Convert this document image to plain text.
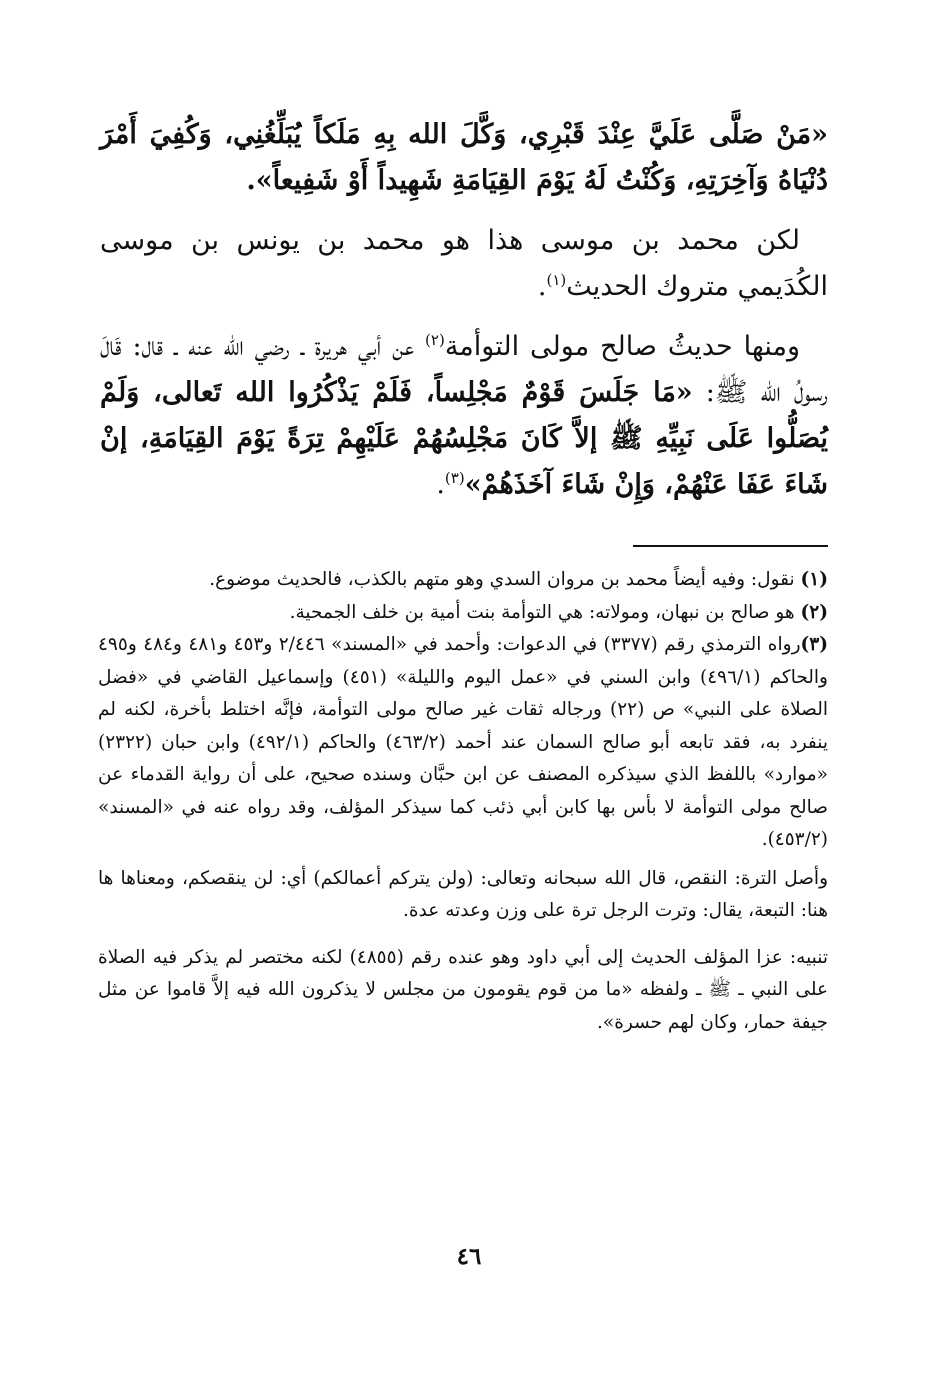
«مَنْ صَلَّى عَلَيَّ عِنْدَ قَبْرِي، وَكَّلَ الله بِهِ مَلَكاً يُبَلِّغُنِي، وَكُفِيَ أَمْرَ دُنْيَاهُ وَآخِرَتِهِ، وَكُنْتُ لَهُ يَوْمَ القِيَامَةِ شَهِيداً أَوْ شَفِيعاً».

لكن محمد بن موسى هذا هو محمد بن يونس بن موسى الكُدَيمي متروك الحديث$^{(١)}$.

ومنها حديثُ صالح مولى التوأمة$^{(٢)}$ عن أبي هريرة ـ رضي الله عنه ـ قال: قَالَ رسولُ الله ﷺ: «مَا جَلَسَ قَوْمٌ مَجْلِساً، فَلَمْ يَذْكُرُوا الله تَعالى، وَلَمْ يُصَلُّوا عَلَى نَبِيِّهِ ﷺ إلاَّ كَانَ مَجْلِسُهُمْ عَلَيْهِمْ تِرَةً يَوْمَ القِيَامَةِ، إنْ شَاءَ عَفَا عَنْهُمْ، وَإِنْ شَاءَ آخَذَهُمْ»$^{(٣)}$.

(١) نقول: وفيه أيضاً محمد بن مروان السدي وهو متهم بالكذب، فالحديث موضوع.

(٢) هو صالح بن نبهان، ومولاته: هي التوأمة بنت أمية بن خلف الجمحية.

(٣)رواه الترمذي رقم (٣٣٧٧) في الدعوات: وأحمد في «المسند» ٢/٤٤٦ و٤٥٣ و٤٨١ و٤٨٤ و٤٩٥ والحاكم (٤٩٦/١) وابن السني في «عمل اليوم والليلة» (٤٥١) وإسماعيل القاضي في «فضل الصلاة على النبي» ص (٢٢) ورجاله ثقات غير صالح مولى التوأمة، فإنَّه اختلط بأخرة، لكنه لم ينفرد به، فقد تابعه أبو صالح السمان عند أحمد (٤٦٣/٢) والحاكم (٤٩٢/١) وابن حبان (٢٣٢٢) «موارد» باللفظ الذي سيذكره المصنف عن ابن حبَّان وسنده صحيح، على أن رواية القدماء عن صالح مولى التوأمة لا بأس بها كابن أبي ذئب كما سيذكر المؤلف، وقد رواه عنه في «المسند» (٤٥٣/٢).

وأصل الترة: النقص، قال الله سبحانه وتعالى: (ولن يتركم أعمالكم) أي: لن ينقصكم، ومعناها ها هنا: التبعة، يقال: وترت الرجل ترة على وزن وعدته عدة.

تنبيه: عزا المؤلف الحديث إلى أبي داود وهو عنده رقم (٤٨٥٥) لكنه مختصر لم يذكر فيه الصلاة على النبي ـ ﷺ ـ ولفظه «ما من قوم يقومون من مجلس لا يذكرون الله فيه إلاَّ قاموا عن مثل جيفة حمار، وكان لهم حسرة».

٤٦
